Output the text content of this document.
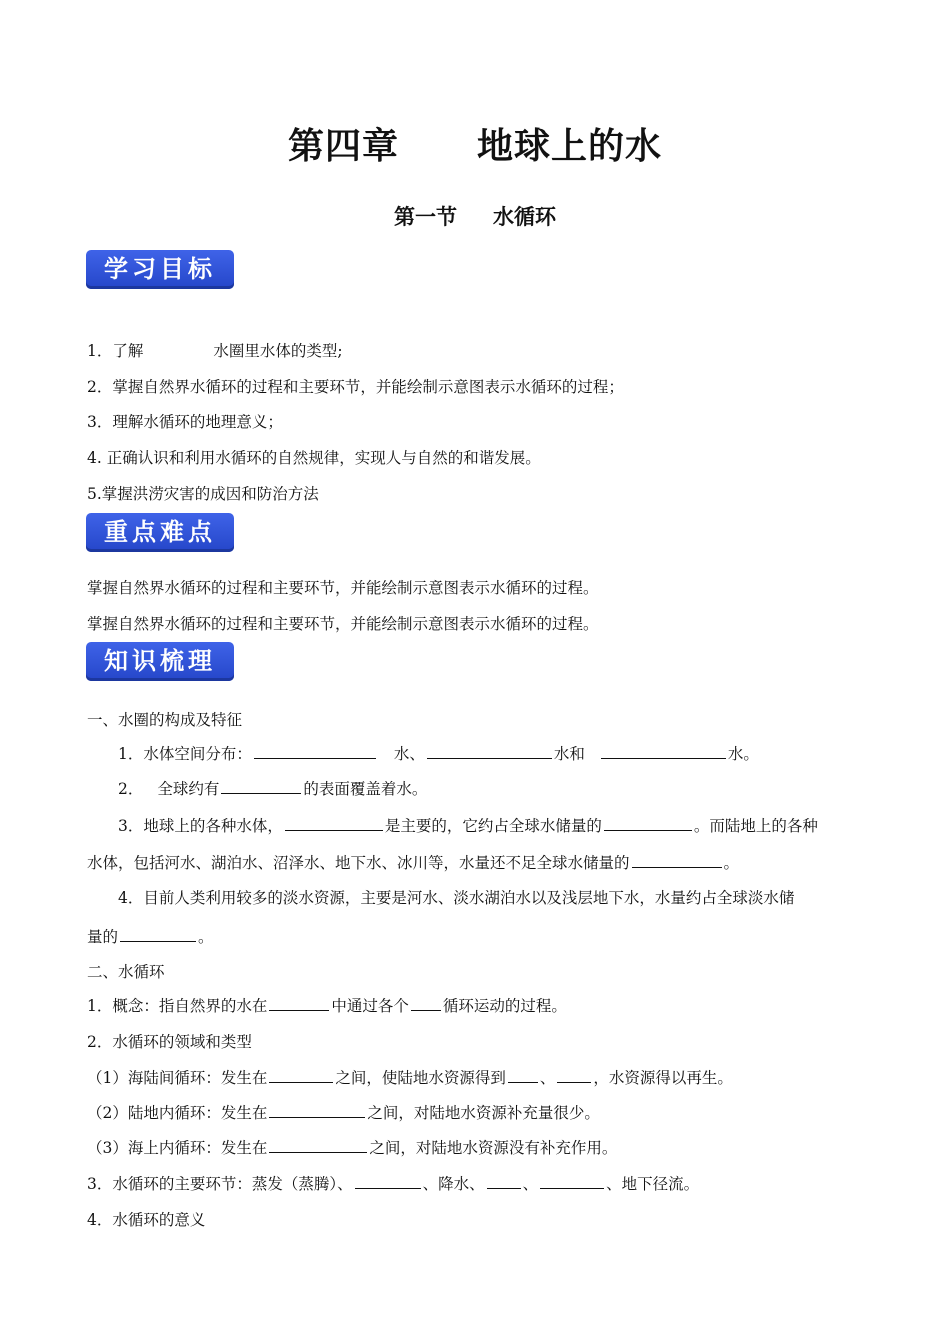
第四章 地球上的水
第一节 水循环
学习目标
1．了解	水圈里水体的类型;
2．掌握自然界水循环的过程和主要环节，并能绘制示意图表示水循环的过程；
3．理解水循环的地理意义；
4. 正确认识和利用水循环的自然规律，实现人与自然的和谐发展。
5.掌握洪涝灾害的成因和防治方法
重点难点
掌握自然界水循环的过程和主要环节，并能绘制示意图表示水循环的过程。
掌握自然界水循环的过程和主要环节，并能绘制示意图表示水循环的过程。
知识梳理
一、水圈的构成及特征
1．水体空间分布：	水、	水和	水。
2． 全球约有	的表面覆盖着水。
3．地球上的各种水体，	是主要的，它约占全球水储量的	。而陆地上的各种
水体，包括河水、湖泊水、沼泽水、地下水、冰川等，水量还不足全球水储量的	。
4．目前人类利用较多的淡水资源，主要是河水、淡水湖泊水以及浅层地下水，水量约占全球淡水储
量的	。
二、水循环
1．概念：指自然界的水在	中通过各个 循环运动的过程。
2．水循环的领域和类型
（1）海陆间循环：发生在	之间，使陆地水资源得到 、 ，水资源得以再生。
（2）陆地内循环：发生在	之间，对陆地水资源补充量很少。
（3）海上内循环：发生在	之间，对陆地水资源没有补充作用。
3．水循环的主要环节：蒸发（蒸腾）、	、降水、 、	、地下径流。
4．水循环的意义
